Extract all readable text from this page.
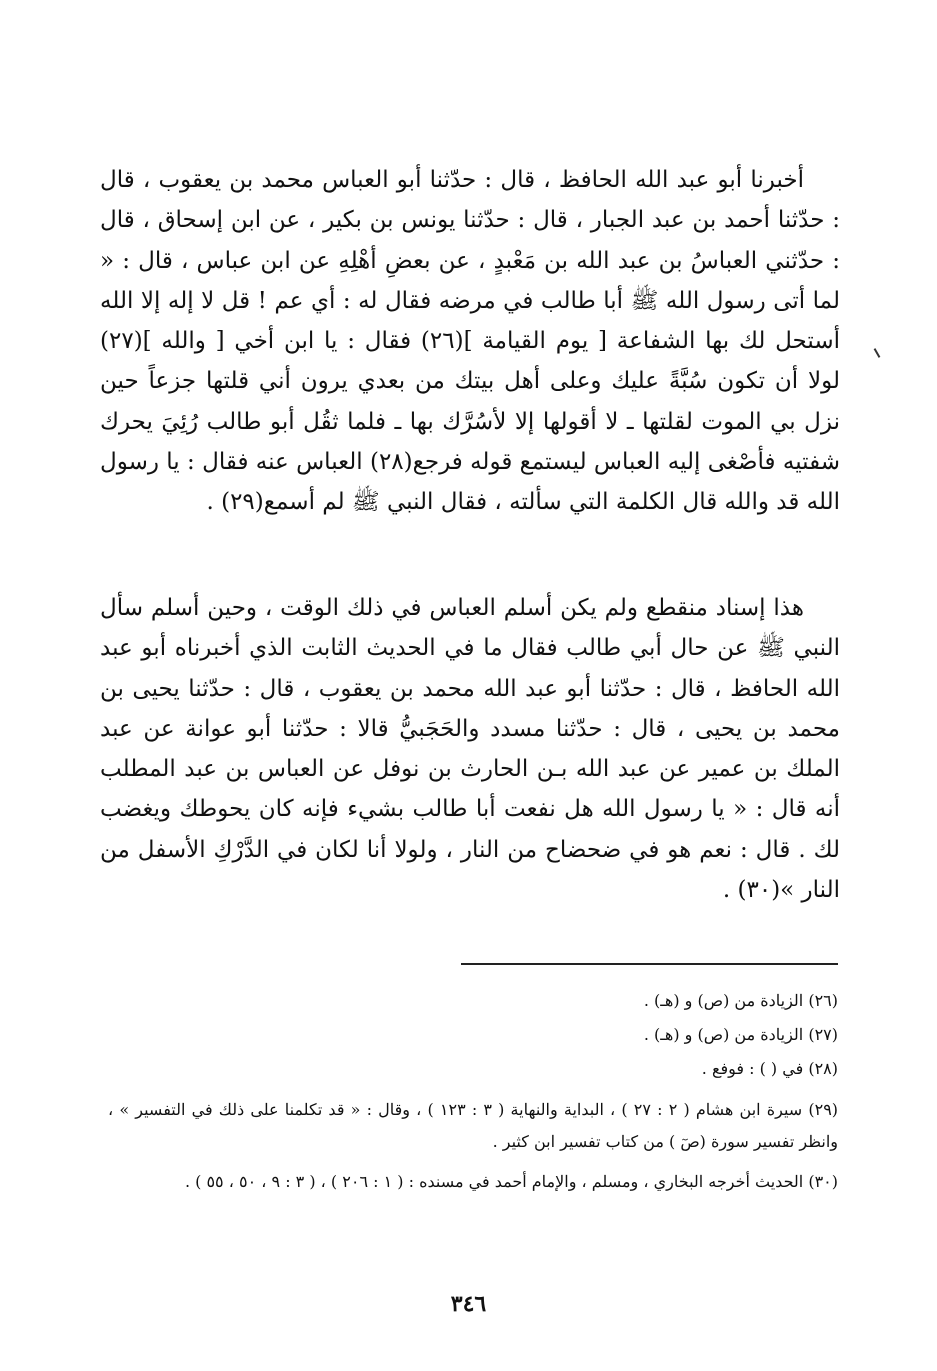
أخبرنا أبو عبد الله الحافظ ، قال : حدّثنا أبو العباس محمد بن يعقوب ، قال : حدّثنا أحمد بن عبد الجبار ، قال : حدّثنا يونس بن بكير ، عن ابن إسحاق ، قال : حدّثني العباسُ بن عبد الله بن مَعْبدٍ ، عن بعضِ أهْلِهِ عن ابن عباس ، قال : « لما أتى رسول الله ﷺ أبا طالب في مرضه فقال له : أي عم ! قل لا إله إلا الله أستحل لك بها الشفاعة [ يوم القيامة ](٢٦) فقال : يا ابن أخي [ والله ](٢٧) لولا أن تكون سُبَّةً عليك وعلى أهل بيتك من بعدي يرون أني قلتها جزعاً حين نزل بي الموت لقلتها ـ لا أقولها إلا لأسُرَّك بها ـ فلما ثقُل أبو طالب رُئِيَ يحرك شفتيه فأصْغى إليه العباس ليستمع قوله فرجع(٢٨) العباس عنه فقال : يا رسول الله قد والله قال الكلمة التي سألته ، فقال النبي ﷺ لم أسمع(٢٩) .

هذا إسناد منقطع ولم يكن أسلم العباس في ذلك الوقت ، وحين أسلم سأل النبي ﷺ عن حال أبي طالب فقال ما في الحديث الثابت الذي أخبرناه أبو عبد الله الحافظ ، قال : حدّثنا أبو عبد الله محمد بن يعقوب ، قال : حدّثنا يحيى بن محمد بن يحيى ، قال : حدّثنا مسدد والحَجَبيُّ قالا : حدّثنا أبو عوانة عن عبد الملك بن عمير عن عبد الله بـن الحارث بن نوفل عن العباس بن عبد المطلب أنه قال : « يا رسول الله هل نفعت أبا طالب بشيء فإنه كان يحوطك ويغضب لك . قال : نعم هو في ضحضاح من النار ، ولولا أنا لكان في الدَّرْكِ الأسفل من النار »(٣٠) .

(٢٦) الزيادة من (ص) و (هـ) .

(٢٧) الزيادة من (ص) و (هـ) .

(٢٨) في ( ) : فوفع .

(٢٩) سيرة ابن هشام ( ٢ : ٢٧ ) ، البداية والنهاية ( ٣ : ١٢٣ ) ، وقال : « قد تكلمنا على ذلك في التفسير » ، وانظر تفسير سورة (صٓ ) من كتاب تفسير ابن كثير .

(٣٠) الحديث أخرجه البخاري ، ومسلم ، والإمام أحمد في مسنده : ( ١ : ٢٠٦ ) ، ( ٣ : ٩ ، ٥٠ ، ٥٥ ) .

٣٤٦
